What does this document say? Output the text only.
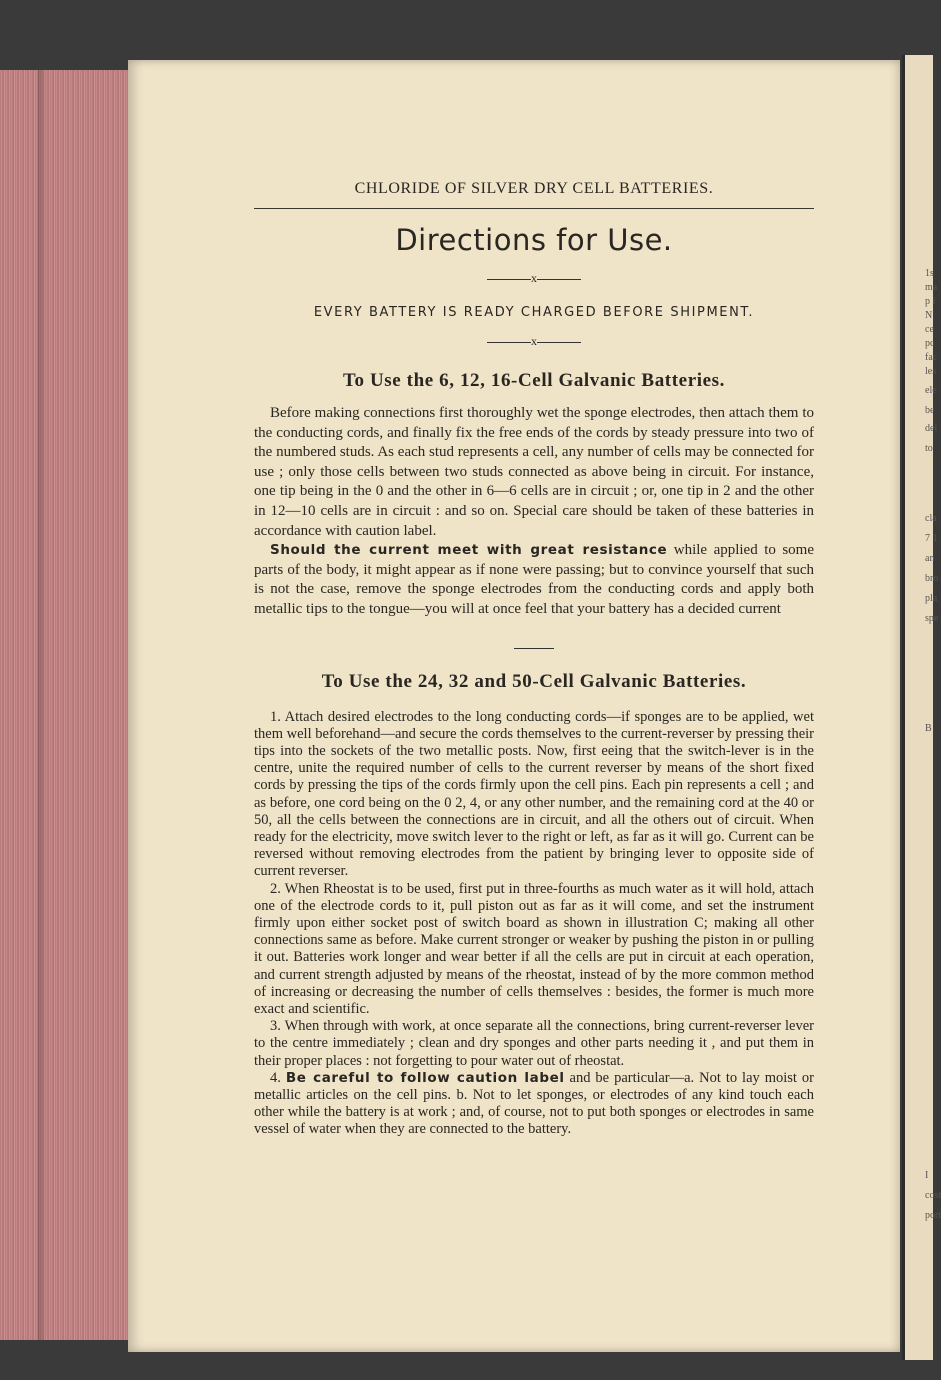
1s
ma
p i
N
ce
pc
fac
les
ele
be
dei
to
cla
7 1
an
bro
pla
spe
B
I
cost
port

CHLORIDE OF SILVER DRY CELL BATTERIES.

Directions for Use.
x

EVERY BATTERY IS READY CHARGED BEFORE SHIPMENT.

x
To Use the 6, 12, 16-Cell Galvanic Batteries.

Before making connections first thoroughly wet the sponge electrodes, then attach them to the conducting cords, and finally fix the free ends of the cords by steady pressure into two of the numbered studs. As each stud represents a cell, any number of cells may be connected for use ; only those cells between two studs connected as above being in circuit. For instance, one tip being in the 0 and the other in 6—6 cells are in circuit ; or, one tip in 2 and the other in 12—10 cells are in circuit : and so on. Special care should be taken of these batteries in accordance with caution label.

Should the current meet with great resistance while applied to some parts of the body, it might appear as if none were passing; but to convince yourself that such is not the case, remove the sponge electrodes from the conducting cords and apply both metallic tips to the tongue—you will at once feel that your battery has a decided current

To Use the 24, 32 and 50-Cell Galvanic Batteries.

1. Attach desired electrodes to the long conducting cords—if sponges are to be applied, wet them well beforehand—and secure the cords themselves to the current-reverser by pressing their tips into the sockets of the two metallic posts. Now, first eeing that the switch-lever is in the centre, unite the required number of cells to the current reverser by means of the short fixed cords by pressing the tips of the cords firmly upon the cell pins. Each pin represents a cell ; and as before, one cord being on the 0 2, 4, or any other number, and the remaining cord at the 40 or 50, all the cells between the connections are in circuit, and all the others out of circuit. When ready for the electricity, move switch lever to the right or left, as far as it will go. Current can be reversed without removing electrodes from the patient by bringing lever to opposite side of current reverser.

2. When Rheostat is to be used, first put in three-fourths as much water as it will hold, attach one of the electrode cords to it, pull piston out as far as it will come, and set the instrument firmly upon either socket post of switch board as shown in illustration C; making all other connections same as before. Make current stronger or weaker by pushing the piston in or pulling it out. Batteries work longer and wear better if all the cells are put in circuit at each operation, and current strength adjusted by means of the rheostat, instead of by the more common method of increasing or decreasing the number of cells themselves : besides, the former is much more exact and scientific.

3. When through with work, at once separate all the connections, bring current-reverser lever to the centre immediately ; clean and dry sponges and other parts needing it , and put them in their proper places : not forgetting to pour water out of rheostat.

4. Be careful to follow caution label and be particular—a. Not to lay moist or metallic articles on the cell pins. b. Not to let sponges, or electrodes of any kind touch each other while the battery is at work ; and, of course, not to put both sponges or electrodes in same vessel of water when they are connected to the battery.
